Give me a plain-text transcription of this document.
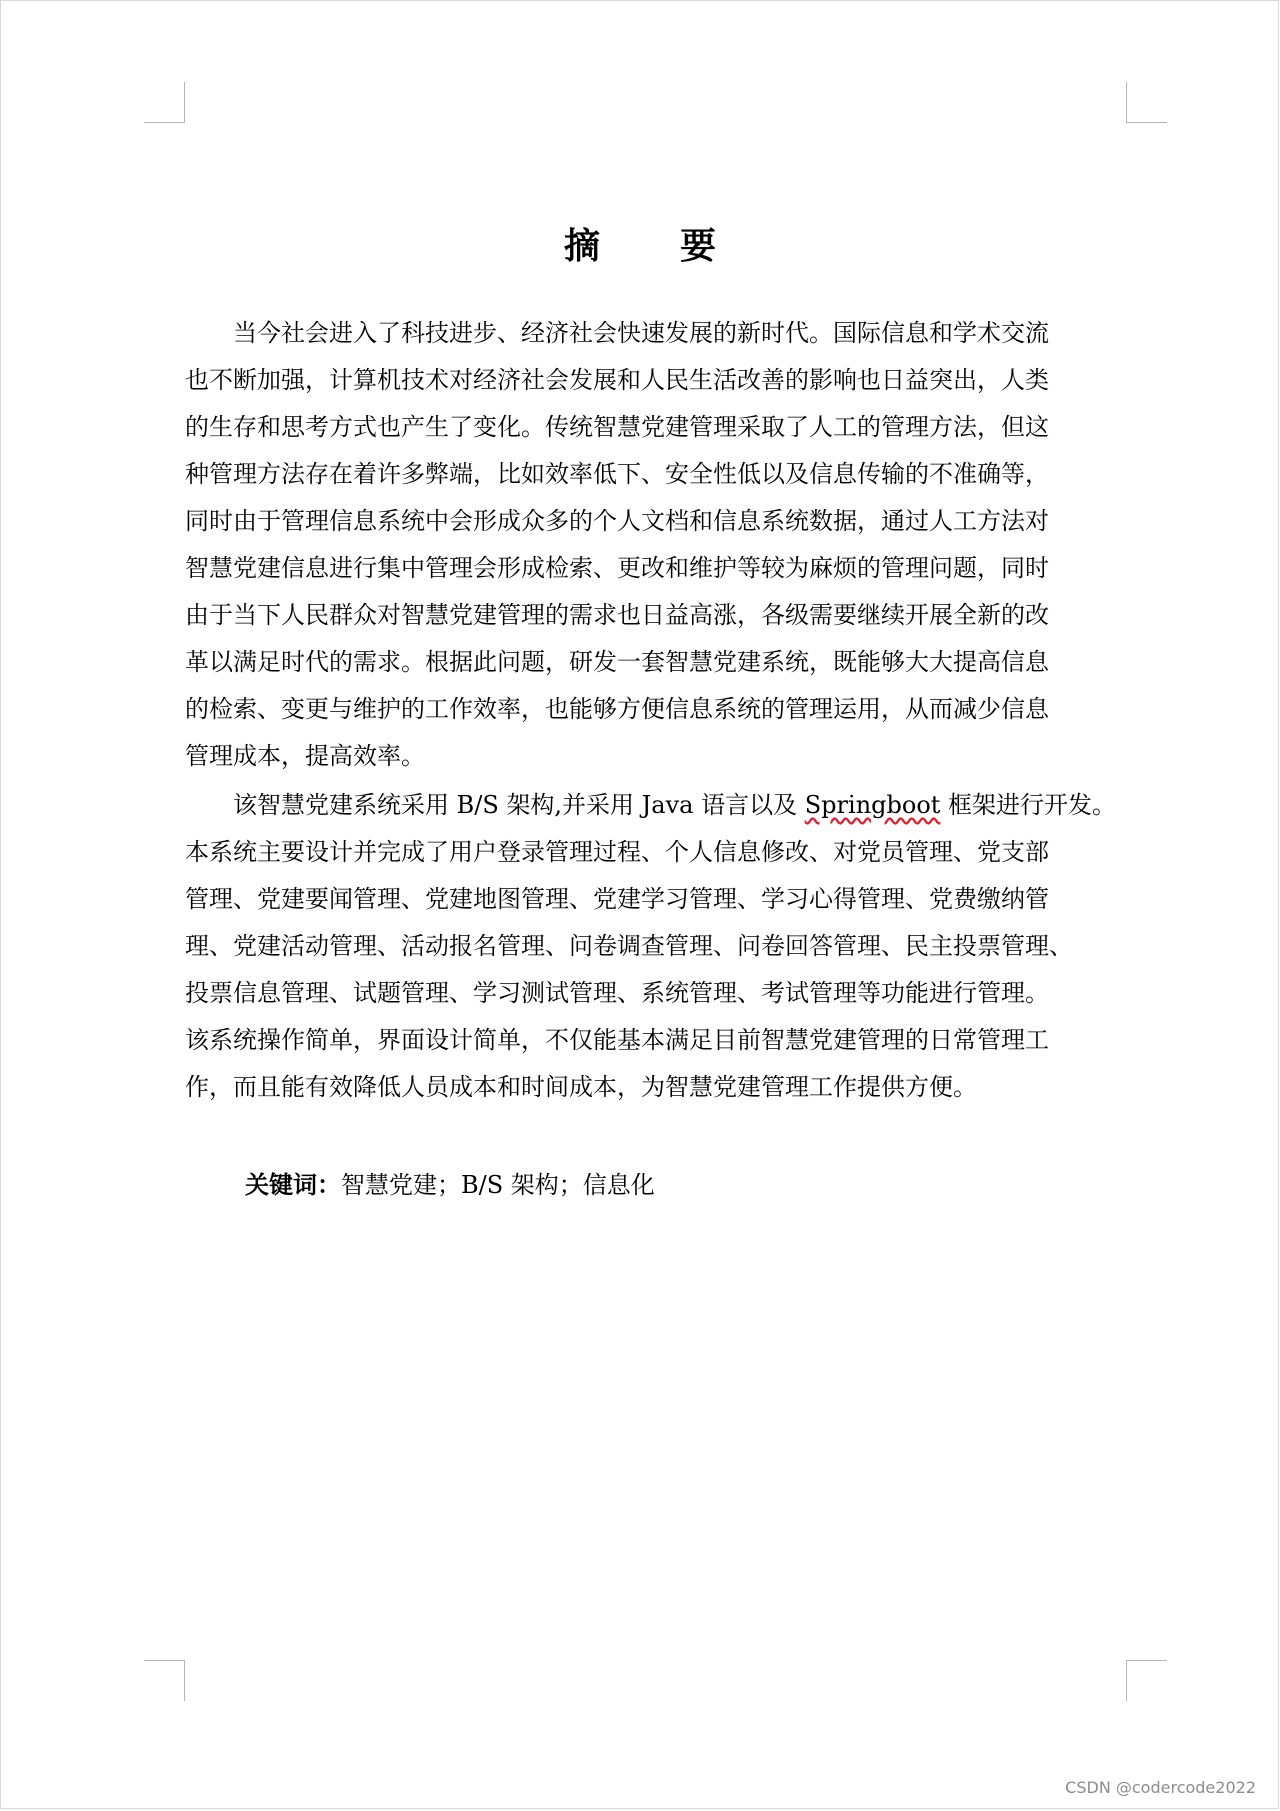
摘 要

当今社会进入了科技进步、经济社会快速发展的新时代。国际信息和学术交流

也不断加强，计算机技术对经济社会发展和人民生活改善的影响也日益突出，人类
的生存和思考方式也产生了变化。传统智慧党建管理采取了人工的管理方法，但这
种管理方法存在着许多弊端，比如效率低下、安全性低以及信息传输的不准确等，
同时由于管理信息系统中会形成众多的个人文档和信息系统数据，通过人工方法对
智慧党建信息进行集中管理会形成检索、更改和维护等较为麻烦的管理问题，同时
由于当下人民群众对智慧党建管理的需求也日益高涨，各级需要继续开展全新的改
革以满足时代的需求。根据此问题，研发一套智慧党建系统，既能够大大提高信息
的检索、变更与维护的工作效率，也能够方便信息系统的管理运用，从而减少信息
管理成本，提高效率。

该智慧党建系统采用 B/S 架构,并采用 Java 语言以及 Springboot 框架进行开发。

本系统主要设计并完成了用户登录管理过程、个人信息修改、对党员管理、党支部
管理、党建要闻管理、党建地图管理、党建学习管理、学习心得管理、党费缴纳管
理、党建活动管理、活动报名管理、问卷调查管理、问卷回答管理、民主投票管理、
投票信息管理、试题管理、学习测试管理、系统管理、考试管理等功能进行管理。
该系统操作简单，界面设计简单，不仅能基本满足目前智慧党建管理的日常管理工
作，而且能有效降低人员成本和时间成本，为智慧党建管理工作提供方便。
关键词：智慧党建；B/S 架构；信息化
CSDN @codercode2022
